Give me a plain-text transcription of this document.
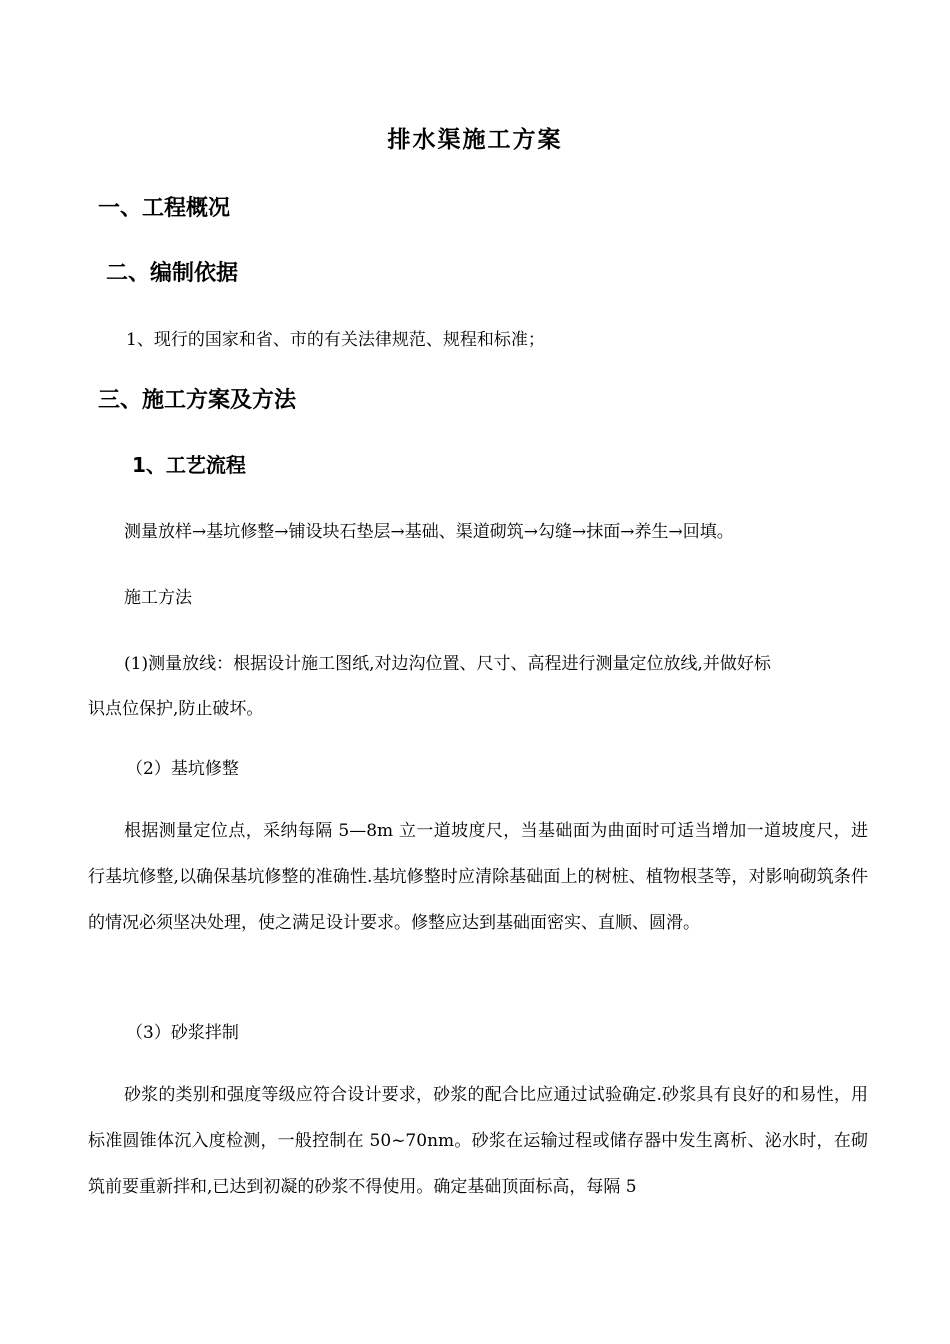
排水渠施工方案
一、工程概况
二、编制依据
1、现行的国家和省、市的有关法律规范、规程和标准；
三、施工方案及方法
1、工艺流程
测量放样→基坑修整→铺设块石垫层→基础、渠道砌筑→勾缝→抹面→养生→回填。
施工方法
(1)测量放线：根据设计施工图纸,对边沟位置、尺寸、高程进行测量定位放线,并做好标
识点位保护,防止破坏。
（2）基坑修整
根据测量定位点，采纳每隔 5—8m 立一道坡度尺，当基础面为曲面时可适当增加一道坡度尺，进行基坑修整,以确保基坑修整的准确性.基坑修整时应清除基础面上的树桩、植物根茎等，对影响砌筑条件的情况必须坚决处理，使之满足设计要求。修整应达到基础面密实、直顺、圆滑。
（3）砂浆拌制
砂浆的类别和强度等级应符合设计要求，砂浆的配合比应通过试验确定.砂浆具有良好的和易性，用标准圆锥体沉入度检测，一般控制在 50~70nm。砂浆在运输过程或储存器中发生离析、泌水时，在砌筑前要重新拌和,已达到初凝的砂浆不得使用。确定基础顶面标高，每隔 5
